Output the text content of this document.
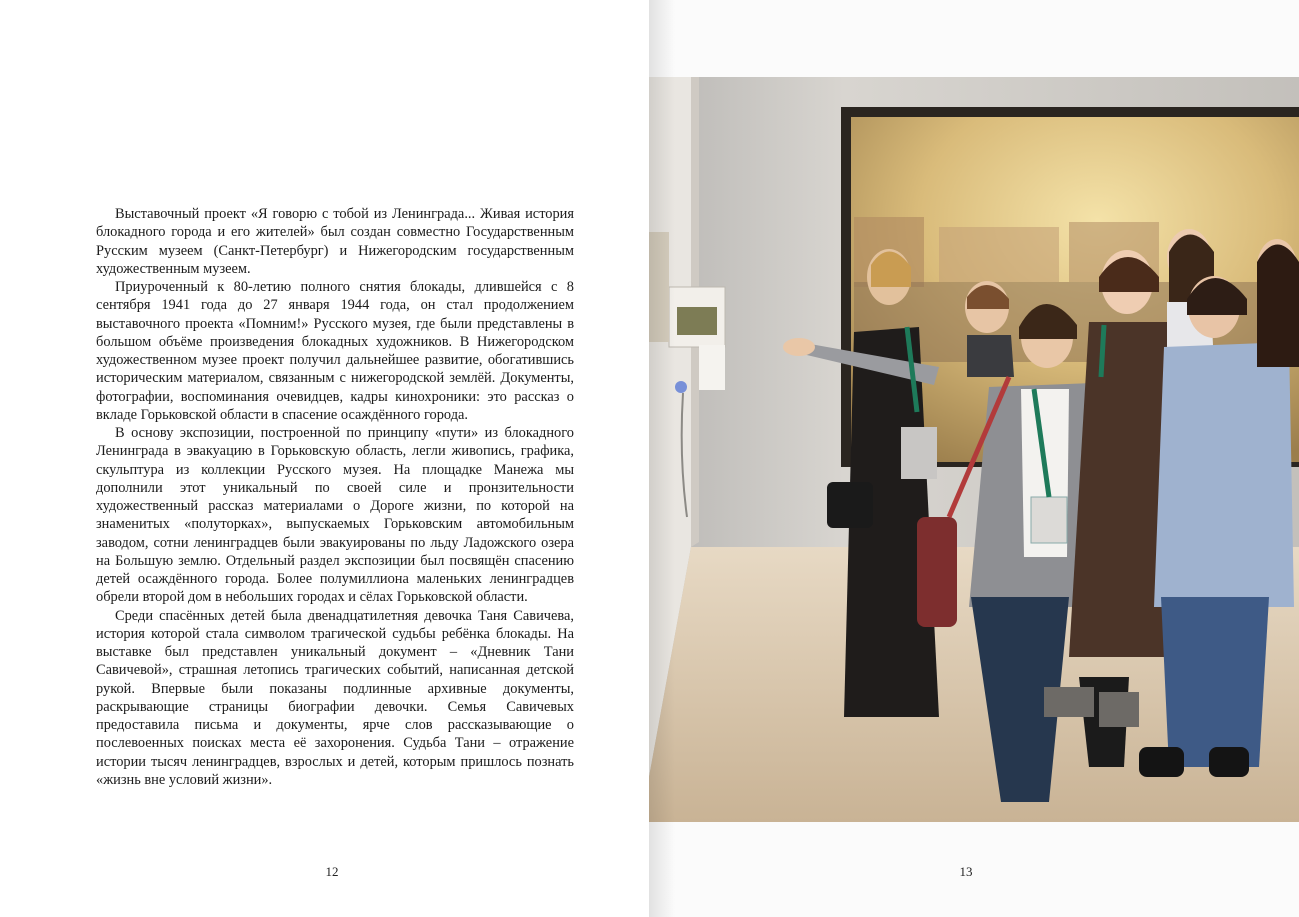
Выставочный проект «Я говорю с тобой из Ленинграда... Живая история блокадного города и его жителей» был создан совместно Государственным Русским музеем (Санкт-Петербург) и Нижегородским государственным художественным музеем.

Приуроченный к 80-летию полного снятия блокады, длившейся с 8 сентября 1941 года до 27 января 1944 года, он стал продолжением выставочного проекта «Помним!» Русского музея, где были представлены в большом объёме произведения блокадных художников. В Нижегородском художественном музее проект получил дальнейшее развитие, обогатившись историческим материалом, связанным с нижегородской землёй. Документы, фотографии, воспоминания очевидцев, кадры кинохроники: это рассказ о вкладе Горьковской области в спасение осаждённого города.

В основу экспозиции, построенной по принципу «пути» из блокадного Ленинграда в эвакуацию в Горьковскую область, легли живопись, графика, скульптура из коллекции Русского музея. На площадке Манежа мы дополнили этот уникальный по своей силе и пронзительности художественный рассказ материалами о Дороге жизни, по которой на знаменитых «полуторках», выпускаемых Горьковским автомобильным заводом, сотни ленинградцев были эвакуированы по льду Ладожского озера на Большую землю. Отдельный раздел экспозиции был посвящён спасению детей осаждённого города. Более полумиллиона маленьких ленинградцев обрели второй дом в небольших городах и сёлах Горьковской области.

Среди спасённых детей была двенадцатилетняя девочка Таня Савичева, история которой стала символом трагической судьбы ребёнка блокады. На выставке был представлен уникальный документ – «Дневник Тани Савичевой», страшная летопись трагических событий, написанная детской рукой. Впервые были показаны подлинные архивные документы, раскрывающие страницы биографии девочки. Семья Савичевых предоставила письма и документы, ярче слов рассказывающие о послевоенных поисках места её захоронения. Судьба Тани – отражение истории тысяч ленинградцев, взрослых и детей, которым пришлось познать «жизнь вне условий жизни».

12	13
